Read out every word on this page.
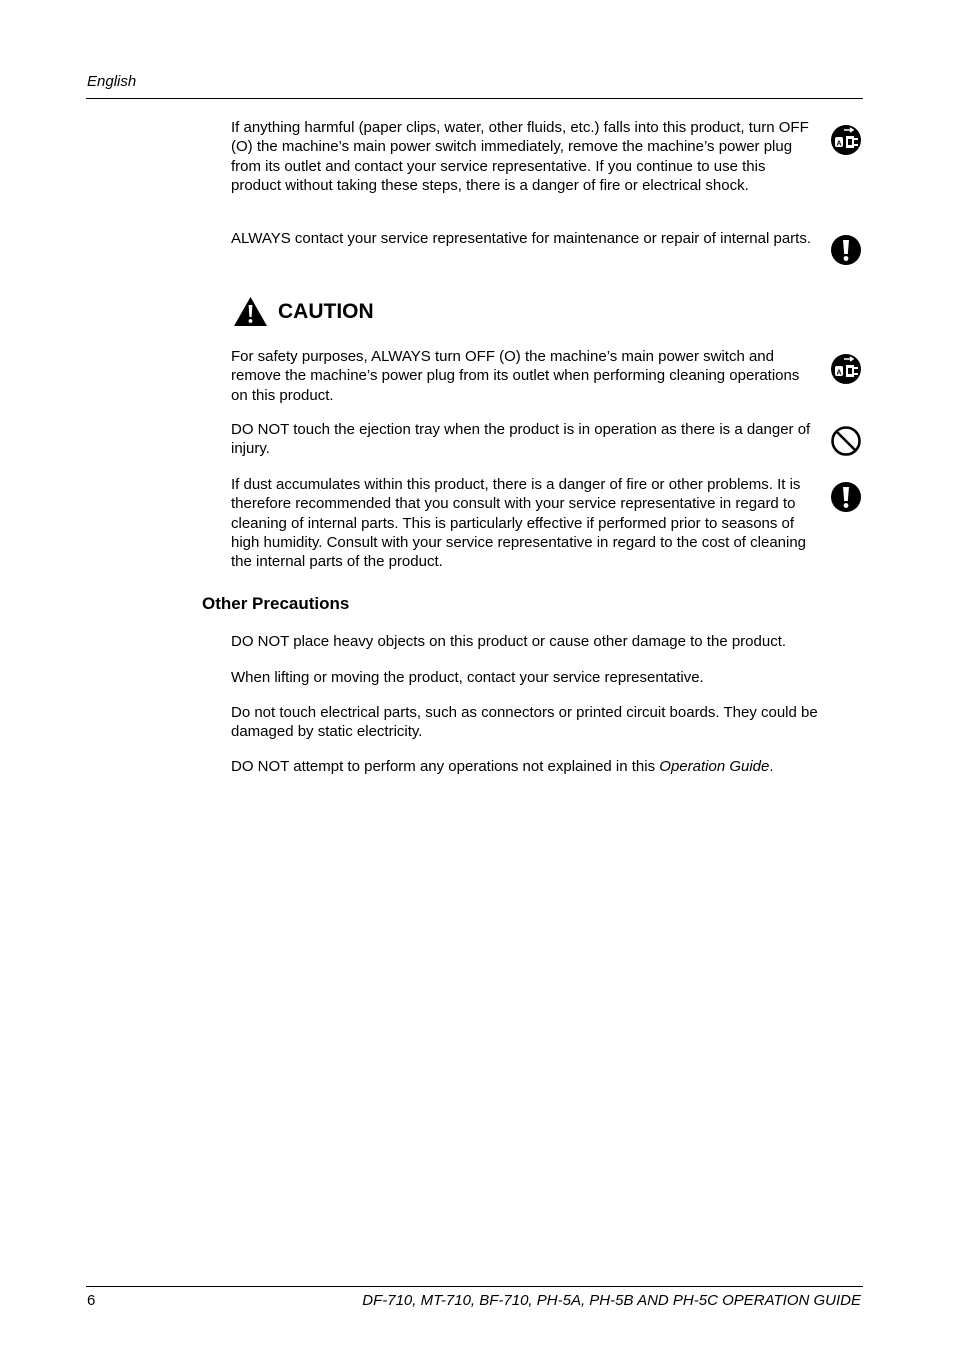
English

If anything harmful (paper clips, water, other fluids, etc.) falls into this product, turn OFF (O) the machine’s main power switch immediately, remove the machine’s power plug from its outlet and contact your service representative. If you continue to use this product without taking these steps, there is a danger of fire or electrical shock.

A

ALWAYS contact your service representative for maintenance or repair of internal parts.

CAUTION

For safety purposes, ALWAYS turn OFF (O) the machine’s main power switch and remove the machine’s power plug from its outlet when performing cleaning operations on this product.

A

DO NOT touch the ejection tray when the product is in operation as there is a danger of injury.

If dust accumulates within this product, there is a danger of fire or other problems. It is therefore recommended that you consult with your service representative in regard to cleaning of internal parts. This is particularly effective if performed prior to seasons of high humidity. Consult with your service representative in regard to the cost of cleaning the internal parts of the product.

Other Precautions

DO NOT place heavy objects on this product or cause other damage to the product.

When lifting or moving the product, contact your service representative.

Do not touch electrical parts, such as connectors or printed circuit boards. They could be damaged by static electricity.

DO NOT attempt to perform any operations not explained in this Operation Guide.

6	DF-710, MT-710, BF-710, PH-5A, PH-5B AND PH-5C OPERATION GUIDE
